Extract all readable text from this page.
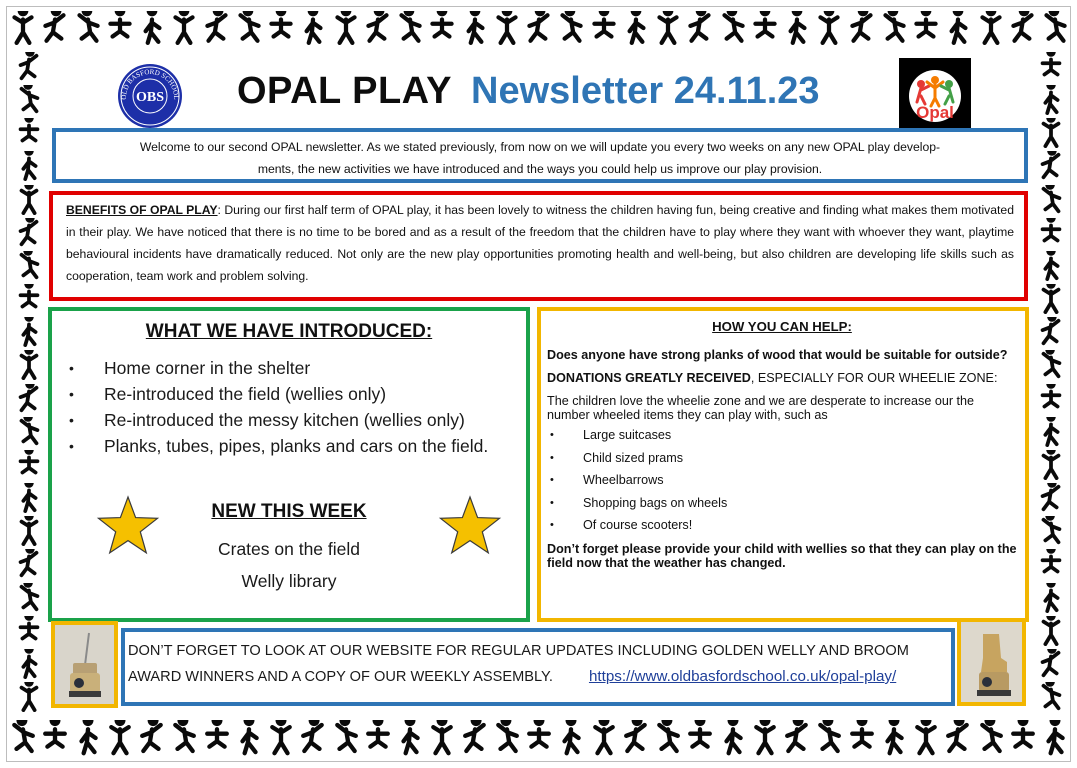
OLD BASFORD SCHOOL
OBS OPAL PLAY Newsletter 24.11.23
Opal
Welcome to our second OPAL newsletter. As we stated previously, from now on we will update you every two weeks on any new OPAL play develop-
ments, the new activities we have introduced and the ways you could help us improve our play provision.
BENEFITS OF OPAL PLAY: During our first half term of OPAL play, it has been lovely to witness the children having fun, being creative and finding what makes them motivated in their play. We have noticed that there is no time to be bored and as a result of the freedom that the children have to play where they want with whoever they want, playtime behavioural incidents have dramatically reduced. Not only are the new play opportunities promoting health and well-being, but also children are developing life skills such as cooperation, team work and problem solving.
WHAT WE HAVE INTRODUCED:
• Home corner in the shelter
• Re-introduced the field (wellies only)
• Re-introduced the messy kitchen (wellies only)
• Planks, tubes, pipes, planks and cars on the field.
NEW THIS WEEK
Crates on the field
Welly library
HOW YOU CAN HELP:

Does anyone have strong planks of wood that would be suitable for outside?

DONATIONS GREATLY RECEIVED, ESPECIALLY FOR OUR WHEELIE ZONE:

The children love the wheelie zone and we are desperate to increase our the number wheeled items they can play with, such as

• Large suitcases
• Child sized prams
• Wheelbarrows
• Shopping bags on wheels
• Of course scooters!

Don’t forget please provide your child with wellies so that they can play on the field now that the weather has changed.

DON’T FORGET TO LOOK AT OUR WEBSITE FOR REGULAR UPDATES INCLUDING GOLDEN WELLY AND BROOM
AWARD WINNERS AND A COPY OF OUR WEEKLY ASSEMBLY. https://www.oldbasfordschool.co.uk/opal-play/
